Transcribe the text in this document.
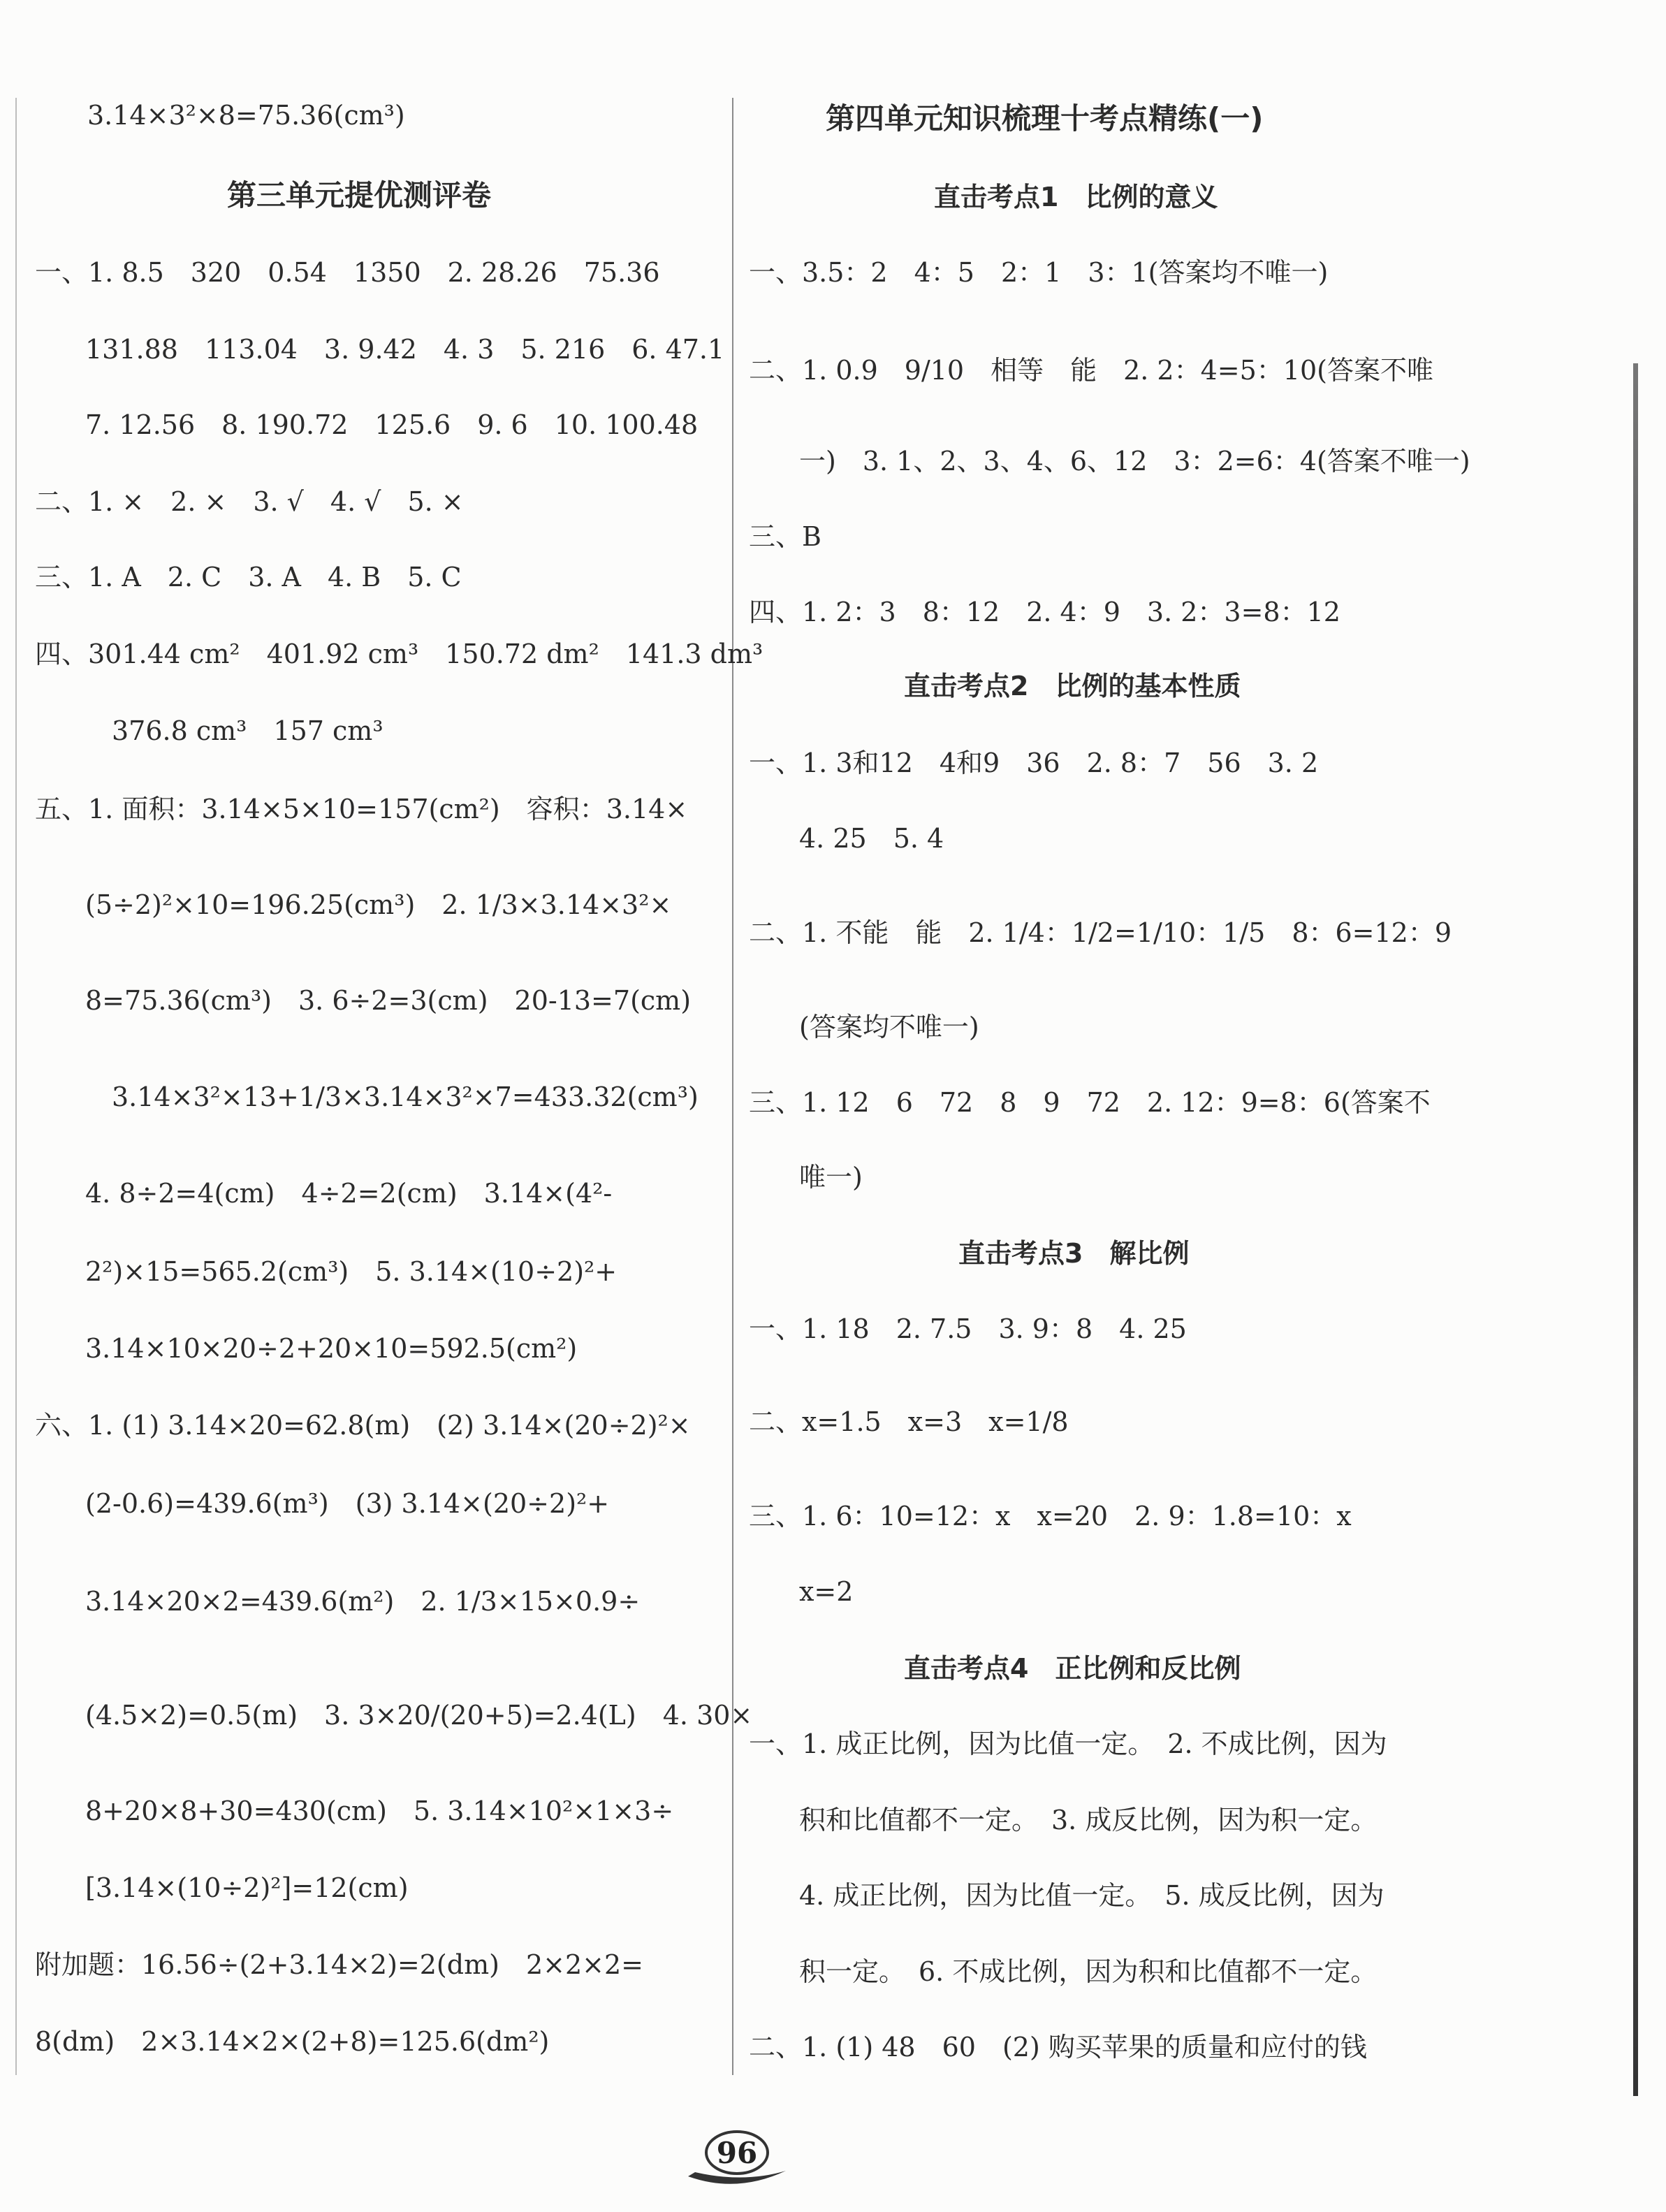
3.14×3²×8=75.36(cm³)
第三单元提优测评卷
一、1. 8.5　320　0.54　1350　2. 28.26　75.36
131.88　113.04　3. 9.42　4. 3　5. 216　6. 47.1
7. 12.56　8. 190.72　125.6　9. 6　10. 100.48
二、1. ×　2. ×　3. √　4. √　5. ×
三、1. A　2. C　3. A　4. B　5. C
四、301.44 cm²　401.92 cm³　150.72 dm²　141.3 dm³
376.8 cm³　157 cm³
五、1. 面积：3.14×5×10=157(cm²)　容积：3.14×
(5÷2)²×10=196.25(cm³)　2. 1/3×3.14×3²×
8=75.36(cm³)　3. 6÷2=3(cm)　20-13=7(cm)
3.14×3²×13+1/3×3.14×3²×7=433.32(cm³)
4. 8÷2=4(cm)　4÷2=2(cm)　3.14×(4²-
2²)×15=565.2(cm³)　5. 3.14×(10÷2)²+
3.14×10×20÷2+20×10=592.5(cm²)
六、1. (1) 3.14×20=62.8(m)　(2) 3.14×(20÷2)²×
(2-0.6)=439.6(m³)　(3) 3.14×(20÷2)²+
3.14×20×2=439.6(m²)　2. 1/3×15×0.9÷
(4.5×2)=0.5(m)　3. 3×20/(20+5)=2.4(L)　4. 30×
8+20×8+30=430(cm)　5. 3.14×10²×1×3÷
[3.14×(10÷2)²]=12(cm)
附加题：16.56÷(2+3.14×2)=2(dm)　2×2×2=
8(dm)　2×3.14×2×(2+8)=125.6(dm²)
第四单元知识梳理十考点精练(一)
直击考点1　比例的意义
一、3.5：2　4：5　2：1　3：1(答案均不唯一)
二、1. 0.9　9/10　相等　能　2. 2：4=5：10(答案不唯
一)　3. 1、2、3、4、6、12　3：2=6：4(答案不唯一)
三、B
四、1. 2：3　8：12　2. 4：9　3. 2：3=8：12
直击考点2　比例的基本性质
一、1. 3和12　4和9　36　2. 8：7　56　3. 2
4. 25　5. 4
二、1. 不能　能　2. 1/4：1/2=1/10：1/5　8：6=12：9
(答案均不唯一)
三、1. 12　6　72　8　9　72　2. 12：9=8：6(答案不
唯一)
直击考点3　解比例
一、1. 18　2. 7.5　3. 9：8　4. 25
二、x=1.5　x=3　x=1/8
三、1. 6：10=12：x　x=20　2. 9：1.8=10：x
x=2
直击考点4　正比例和反比例
一、1. 成正比例，因为比值一定。　2. 不成比例，因为
积和比值都不一定。　3. 成反比例，因为积一定。
4. 成正比例，因为比值一定。　5. 成反比例，因为
积一定。　6. 不成比例，因为积和比值都不一定。
二、1. (1) 48　60　(2) 购买苹果的质量和应付的钱
96
